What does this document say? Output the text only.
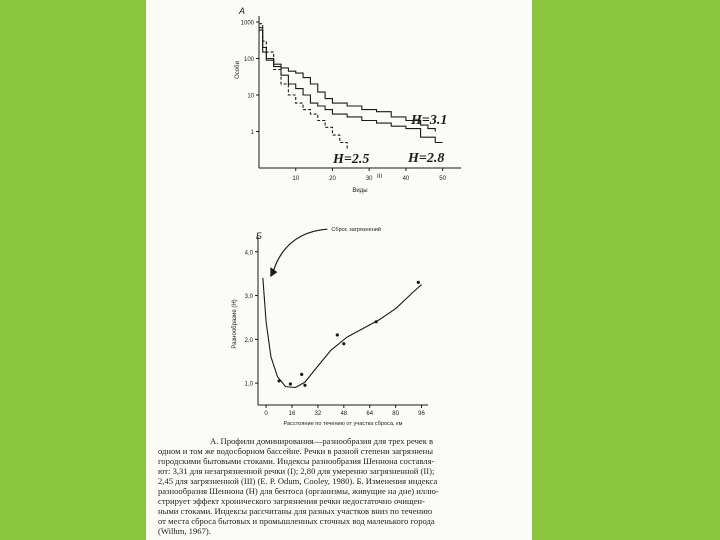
А
1000
100
10
1
10	20	30	40	50
Виды
Особи
H=3.1
H=2.8
H=2.5
III
Б
4,0
3,0
2,0
1,0
0	16	32	48	64	80	96
Расстояние по течению от участка сброса, км
Разнообразие (H)
Сброс загрязнений
А. Профили доминирования—разнообразия для трех речек в
одном и том же водосборном бассейне. Речки в разной степени загрязнены
городскими бытовыми стоками. Индексы разнообразия Шеннона составля-
ют: 3,31 для незагрязненной речки (I); 2,80 для умеренно загрязненной (II);
2,45 для загрязненной (III) (Е. Р. Odum, Cooley, 1980). Б. Изменения индекса
разнообразия Шеннона (H) для бентоса (организмы, живущие на дне) иллю-
стрирует эффект хронического загрязнения речки недостаточно очищен-
ными стоками. Индексы рассчитаны для разных участков вниз по течению
от места сброса бытовых и промышленных сточных вод маленького города
(Wilhm, 1967).
